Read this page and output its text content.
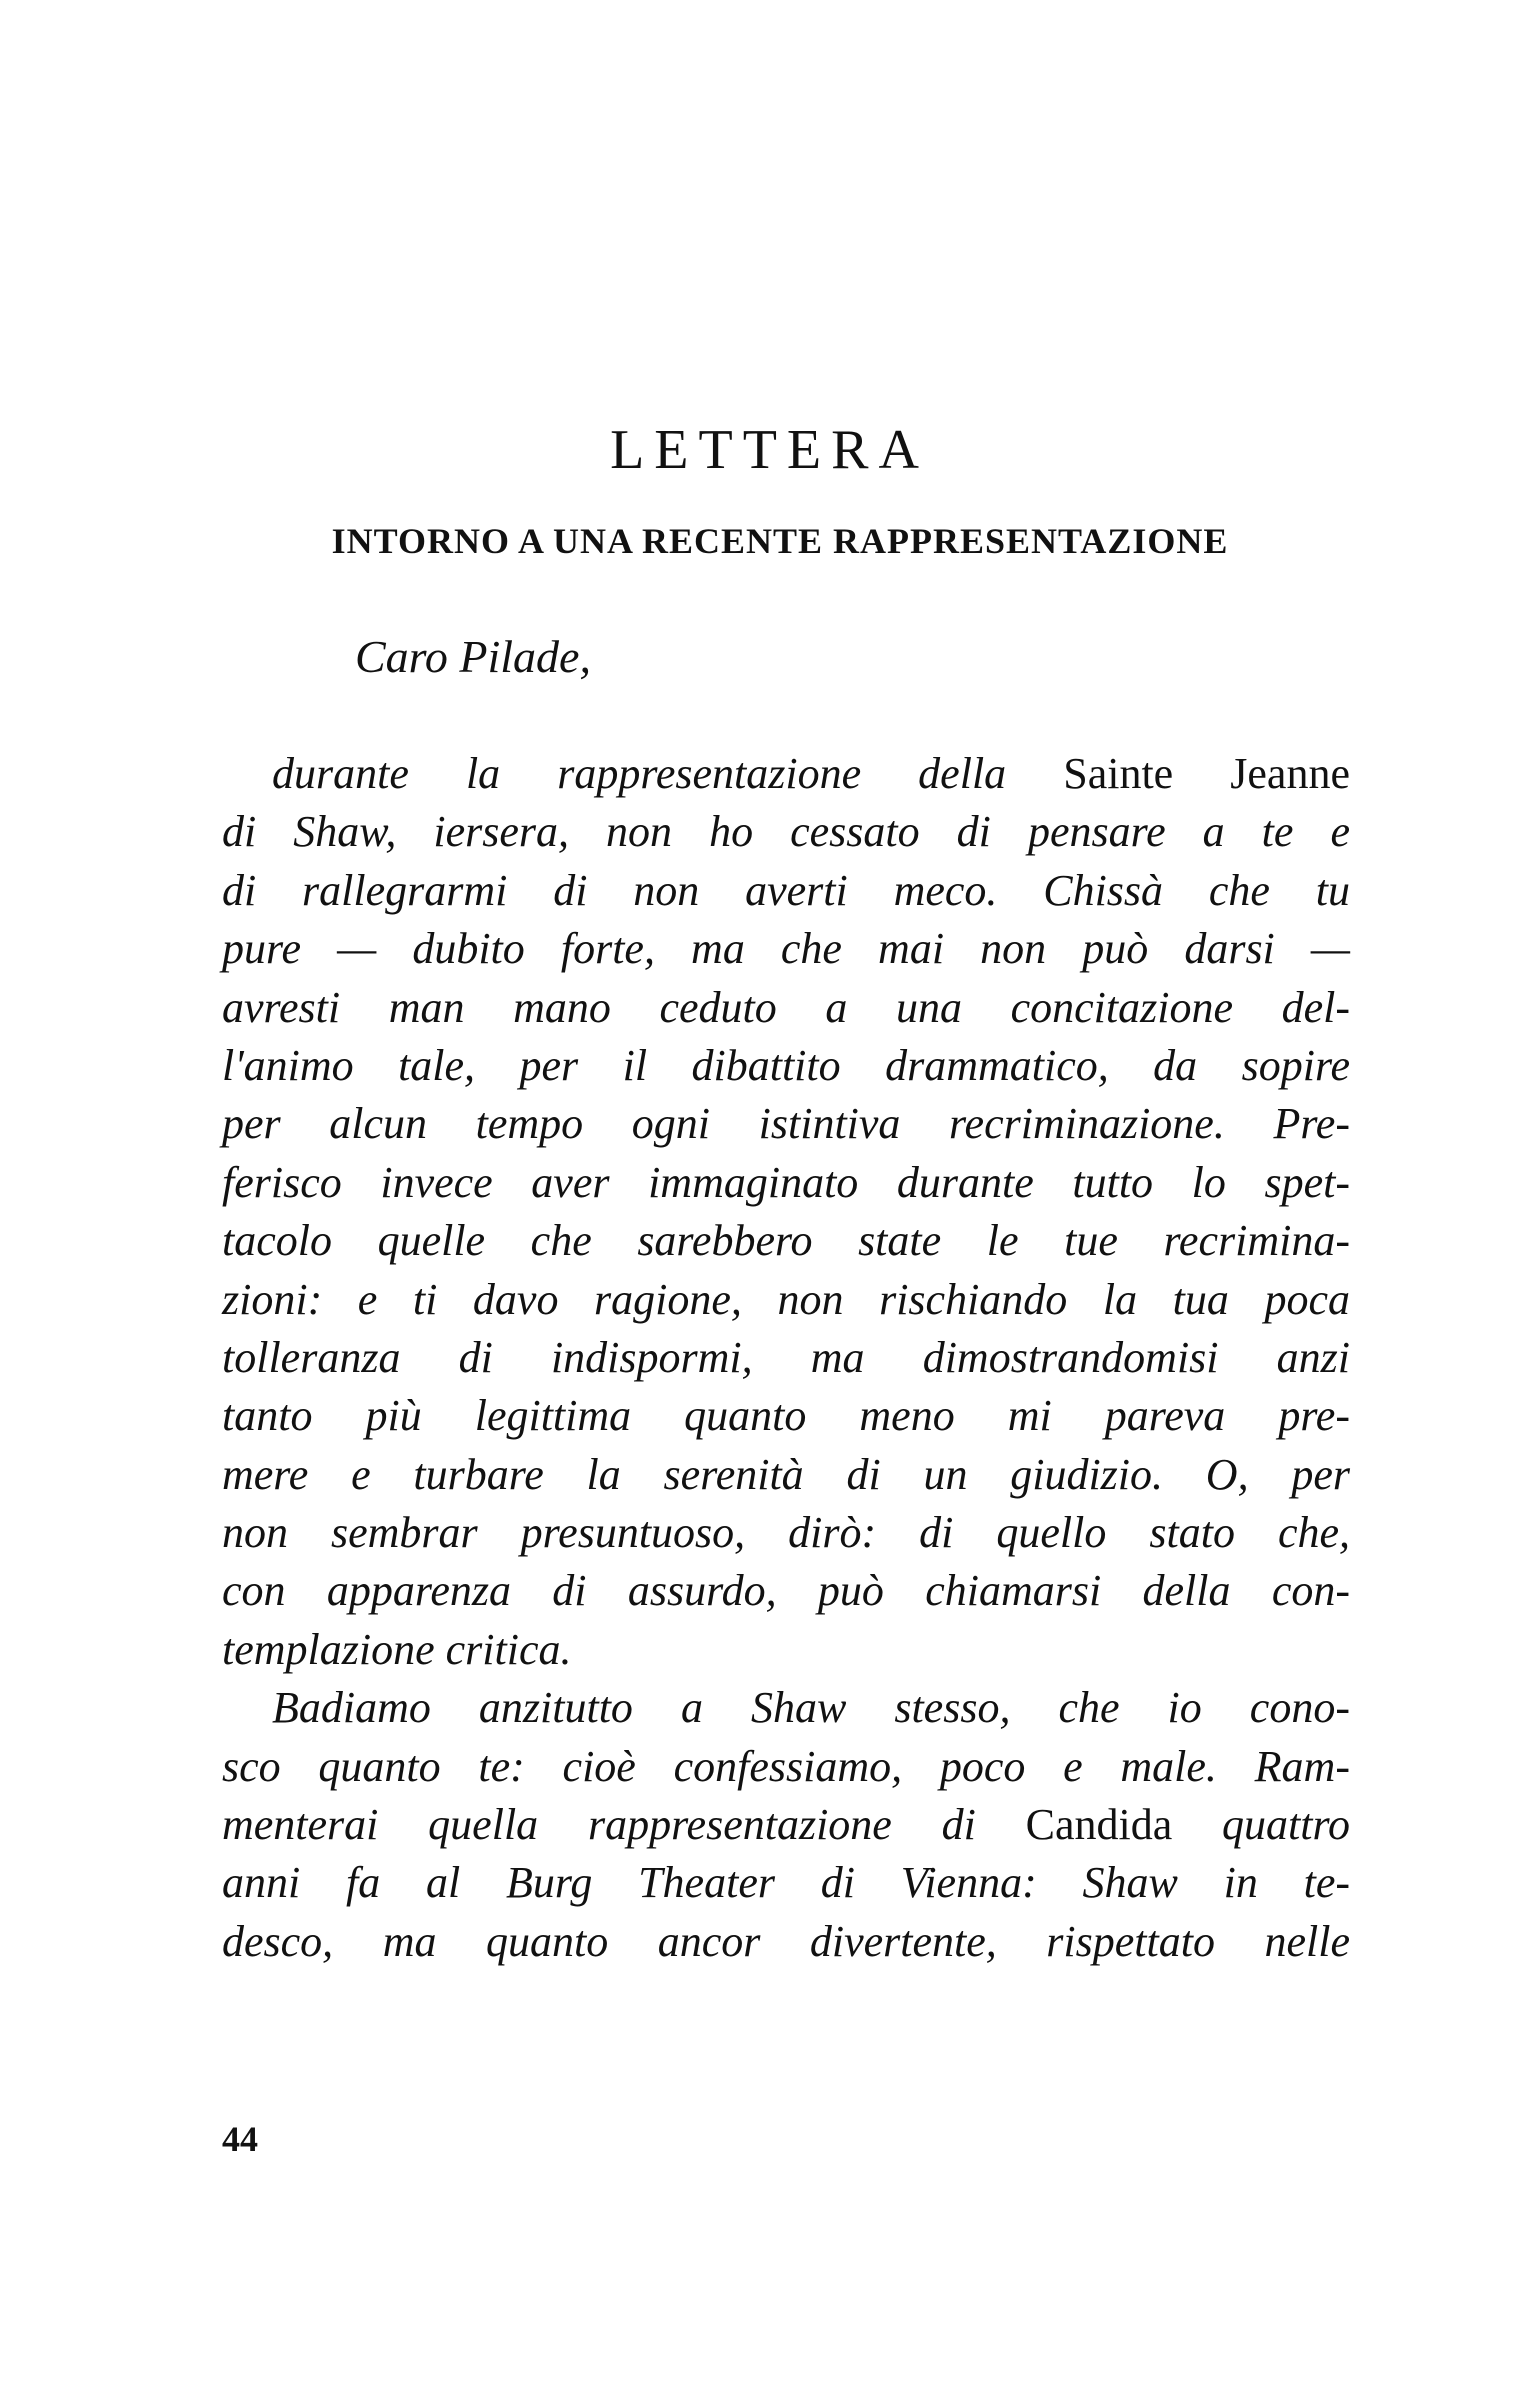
LETTERA
INTORNO A UNA RECENTE RAPPRESENTAZIONE

Caro Pilade,

durante la rappresentazione della Sainte Jeanne
di Shaw, iersera, non ho cessato di pensare a te e
di rallegrarmi di non averti meco. Chissà che tu
pure — dubito forte, ma che mai non può darsi —
avresti man mano ceduto a una concitazione del-
l'animo tale, per il dibattito drammatico, da sopire
per alcun tempo ogni istintiva recriminazione. Pre-
ferisco invece aver immaginato durante tutto lo spet-
tacolo quelle che sarebbero state le tue recrimina-
zioni: e ti davo ragione, non rischiando la tua poca
tolleranza di indispormi, ma dimostrandomisi anzi
tanto più legittima quanto meno mi pareva pre-
mere e turbare la serenità di un giudizio. O, per
non sembrar presuntuoso, dirò: di quello stato che,
con apparenza di assurdo, può chiamarsi della con-
templazione critica.
Badiamo anzitutto a Shaw stesso, che io cono-
sco quanto te: cioè confessiamo, poco e male. Ram-
menterai quella rappresentazione di Candida quattro
anni fa al Burg Theater di Vienna: Shaw in te-
desco, ma quanto ancor divertente, rispettato nelle

44
